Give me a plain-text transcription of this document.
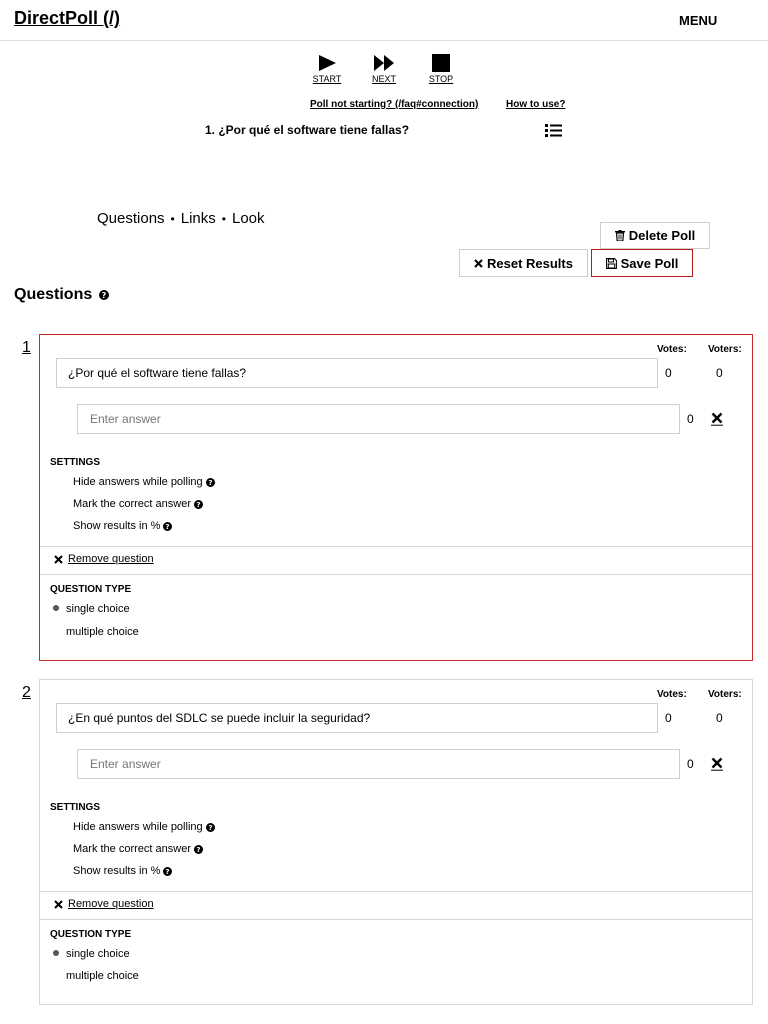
DirectPoll (/)	MENU
START	NEXT	STOP
Poll not starting? (/faq#connection)	How to use?
1. ¿Por qué el software tiene fallas?
Questions • Links • Look
Delete Poll
Reset Results	Save Poll
Questions ?
1	Votes: Voters:
¿Por qué el software tiene fallas?
0	0
Enter answer
0
SETTINGS
Hide answers while polling ?
Mark the correct answer ?
Show results in % ?
Remove question
QUESTION TYPE
single choice
multiple choice
2	Votes: Voters:
¿En qué puntos del SDLC se puede incluir la seguridad?
0	0
Enter answer
0
SETTINGS
Hide answers while polling ?
Mark the correct answer ?
Show results in % ?
Remove question
QUESTION TYPE
single choice
multiple choice
